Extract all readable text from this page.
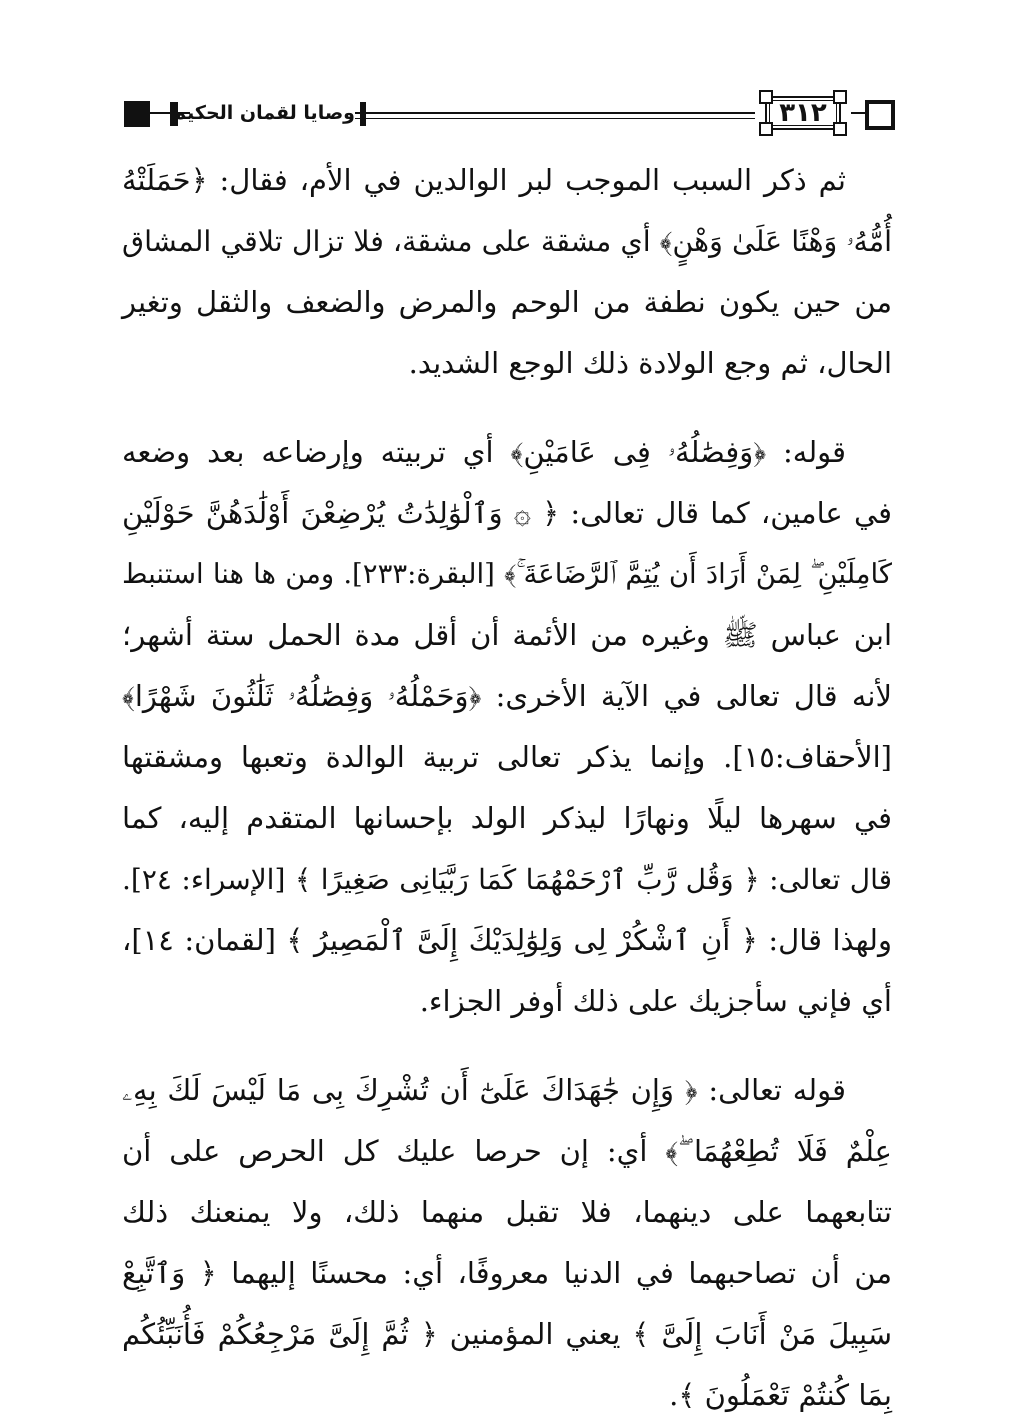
وصايا لقمان الحكيم	٣١٢
ثم ذكر السبب الموجب لبر الوالدين في الأم، فقال: ﴿حَمَلَتْهُ
أُمُّهُۥ وَهْنًا عَلَىٰ وَهْنٍ﴾ أي مشقة على مشقة، فلا تزال تلاقي المشاق
من حين يكون نطفة من الوحم والمرض والضعف والثقل وتغير
الحال، ثم وجع الولادة ذلك الوجع الشديد.
قوله: ﴿وَفِصَٰلُهُۥ فِى عَامَيْنِ﴾ أي تربيته وإرضاعه بعد وضعه
في عامين، كما قال تعالى: ﴿ ۞ وَٱلْوَٰلِدَٰتُ يُرْضِعْنَ أَوْلَٰدَهُنَّ حَوْلَيْنِ
كَامِلَيْنِ ۖ لِمَنْ أَرَادَ أَن يُتِمَّ ٱلرَّضَاعَةَ ۚ﴾ [البقرة:٢٣٣]. ومن ها هنا استنبط
ابن عباس ﷺ وغيره من الأئمة أن أقل مدة الحمل ستة أشهر؛
لأنه قال تعالى في الآية الأخرى: ﴿وَحَمْلُهُۥ وَفِصَٰلُهُۥ ثَلَٰثُونَ شَهْرًا﴾
[الأحقاف:١٥]. وإنما يذكر تعالى تربية الوالدة وتعبها ومشقتها
في سهرها ليلًا ونهارًا ليذكر الولد بإحسانها المتقدم إليه، كما
قال تعالى: ﴿ وَقُل رَّبِّ ٱرْحَمْهُمَا كَمَا رَبَّيَانِى صَغِيرًا ﴾ [الإسراء: ٢٤].
ولهذا قال: ﴿ أَنِ ٱشْكُرْ لِى وَلِوَٰلِدَيْكَ إِلَىَّ ٱلْمَصِيرُ ﴾ [لقمان: ١٤]،
أي فإني سأجزيك على ذلك أوفر الجزاء.
قوله تعالى: ﴿ وَإِن جَٰهَدَاكَ عَلَىٰٓ أَن تُشْرِكَ بِى مَا لَيْسَ لَكَ بِهِۦ
عِلْمٌ فَلَا تُطِعْهُمَا ۖ﴾ أي: إن حرصا عليك كل الحرص على أن
تتابعهما على دينهما، فلا تقبل منهما ذلك، ولا يمنعنك ذلك
من أن تصاحبهما في الدنيا معروفًا، أي: محسنًا إليهما ﴿ وَٱتَّبِعْ
سَبِيلَ مَنْ أَنَابَ إِلَىَّ ﴾ يعني المؤمنين ﴿ ثُمَّ إِلَىَّ مَرْجِعُكُمْ فَأُنَبِّئُكُم
بِمَا كُنتُمْ تَعْمَلُونَ ﴾.
